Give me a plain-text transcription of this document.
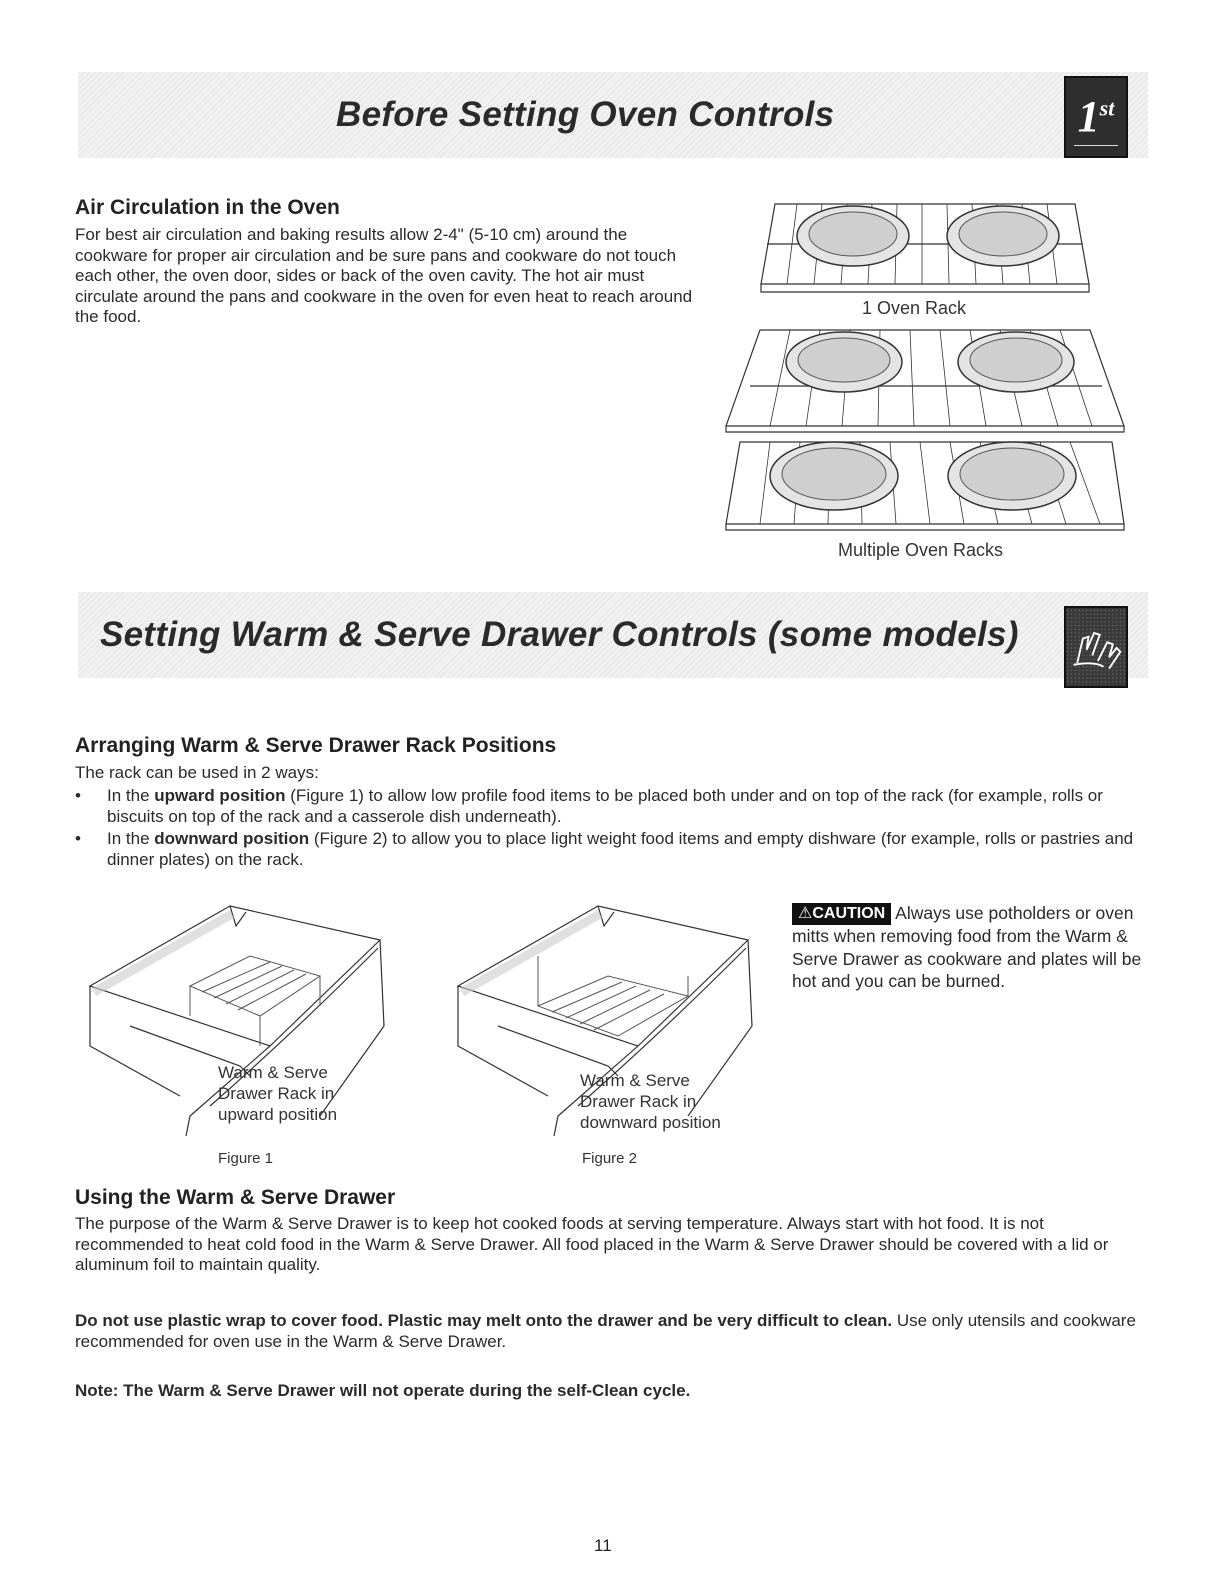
Before Setting Oven Controls	1st
Air Circulation in the Oven

For best air circulation and baking results allow 2-4" (5-10 cm) around the cookware for proper air circulation and be sure pans and cookware do not touch each other, the oven door, sides or back of the oven cavity. The hot air must circulate around the pans and cookware in the oven for even heat to reach around the food.	1 Oven Rack
Multiple Oven Racks
Setting Warm & Serve Drawer Controls (some models)
Arranging Warm & Serve Drawer Rack Positions

The rack can be used in 2 ways:

• In the upward position (Figure 1) to allow low profile food items to be placed both under and on top of the rack (for example, rolls or biscuits on top of the rack and a casserole dish underneath).
• In the downward position (Figure 2) to allow you to place light weight food items and empty dishware (for example, rolls or pastries and dinner plates) on the rack.
Warm & Serve
Drawer Rack in
upward position
Figure 1
Warm & Serve
Drawer Rack in
downward position
Figure 2

⚠CAUTION Always use potholders or oven mitts when removing food from the Warm & Serve Drawer as cookware and plates will be hot and you can be burned.

Using the Warm & Serve Drawer

The purpose of the Warm & Serve Drawer is to keep hot cooked foods at serving temperature. Always start with hot food. It is not recommended to heat cold food in the Warm & Serve Drawer. All food placed in the Warm & Serve Drawer should be covered with a lid or aluminum foil to maintain quality.

Do not use plastic wrap to cover food. Plastic may melt onto the drawer and be very difficult to clean. Use only utensils and cookware recommended for oven use in the Warm & Serve Drawer.

Note: The Warm & Serve Drawer will not operate during the self-Clean cycle.

11
